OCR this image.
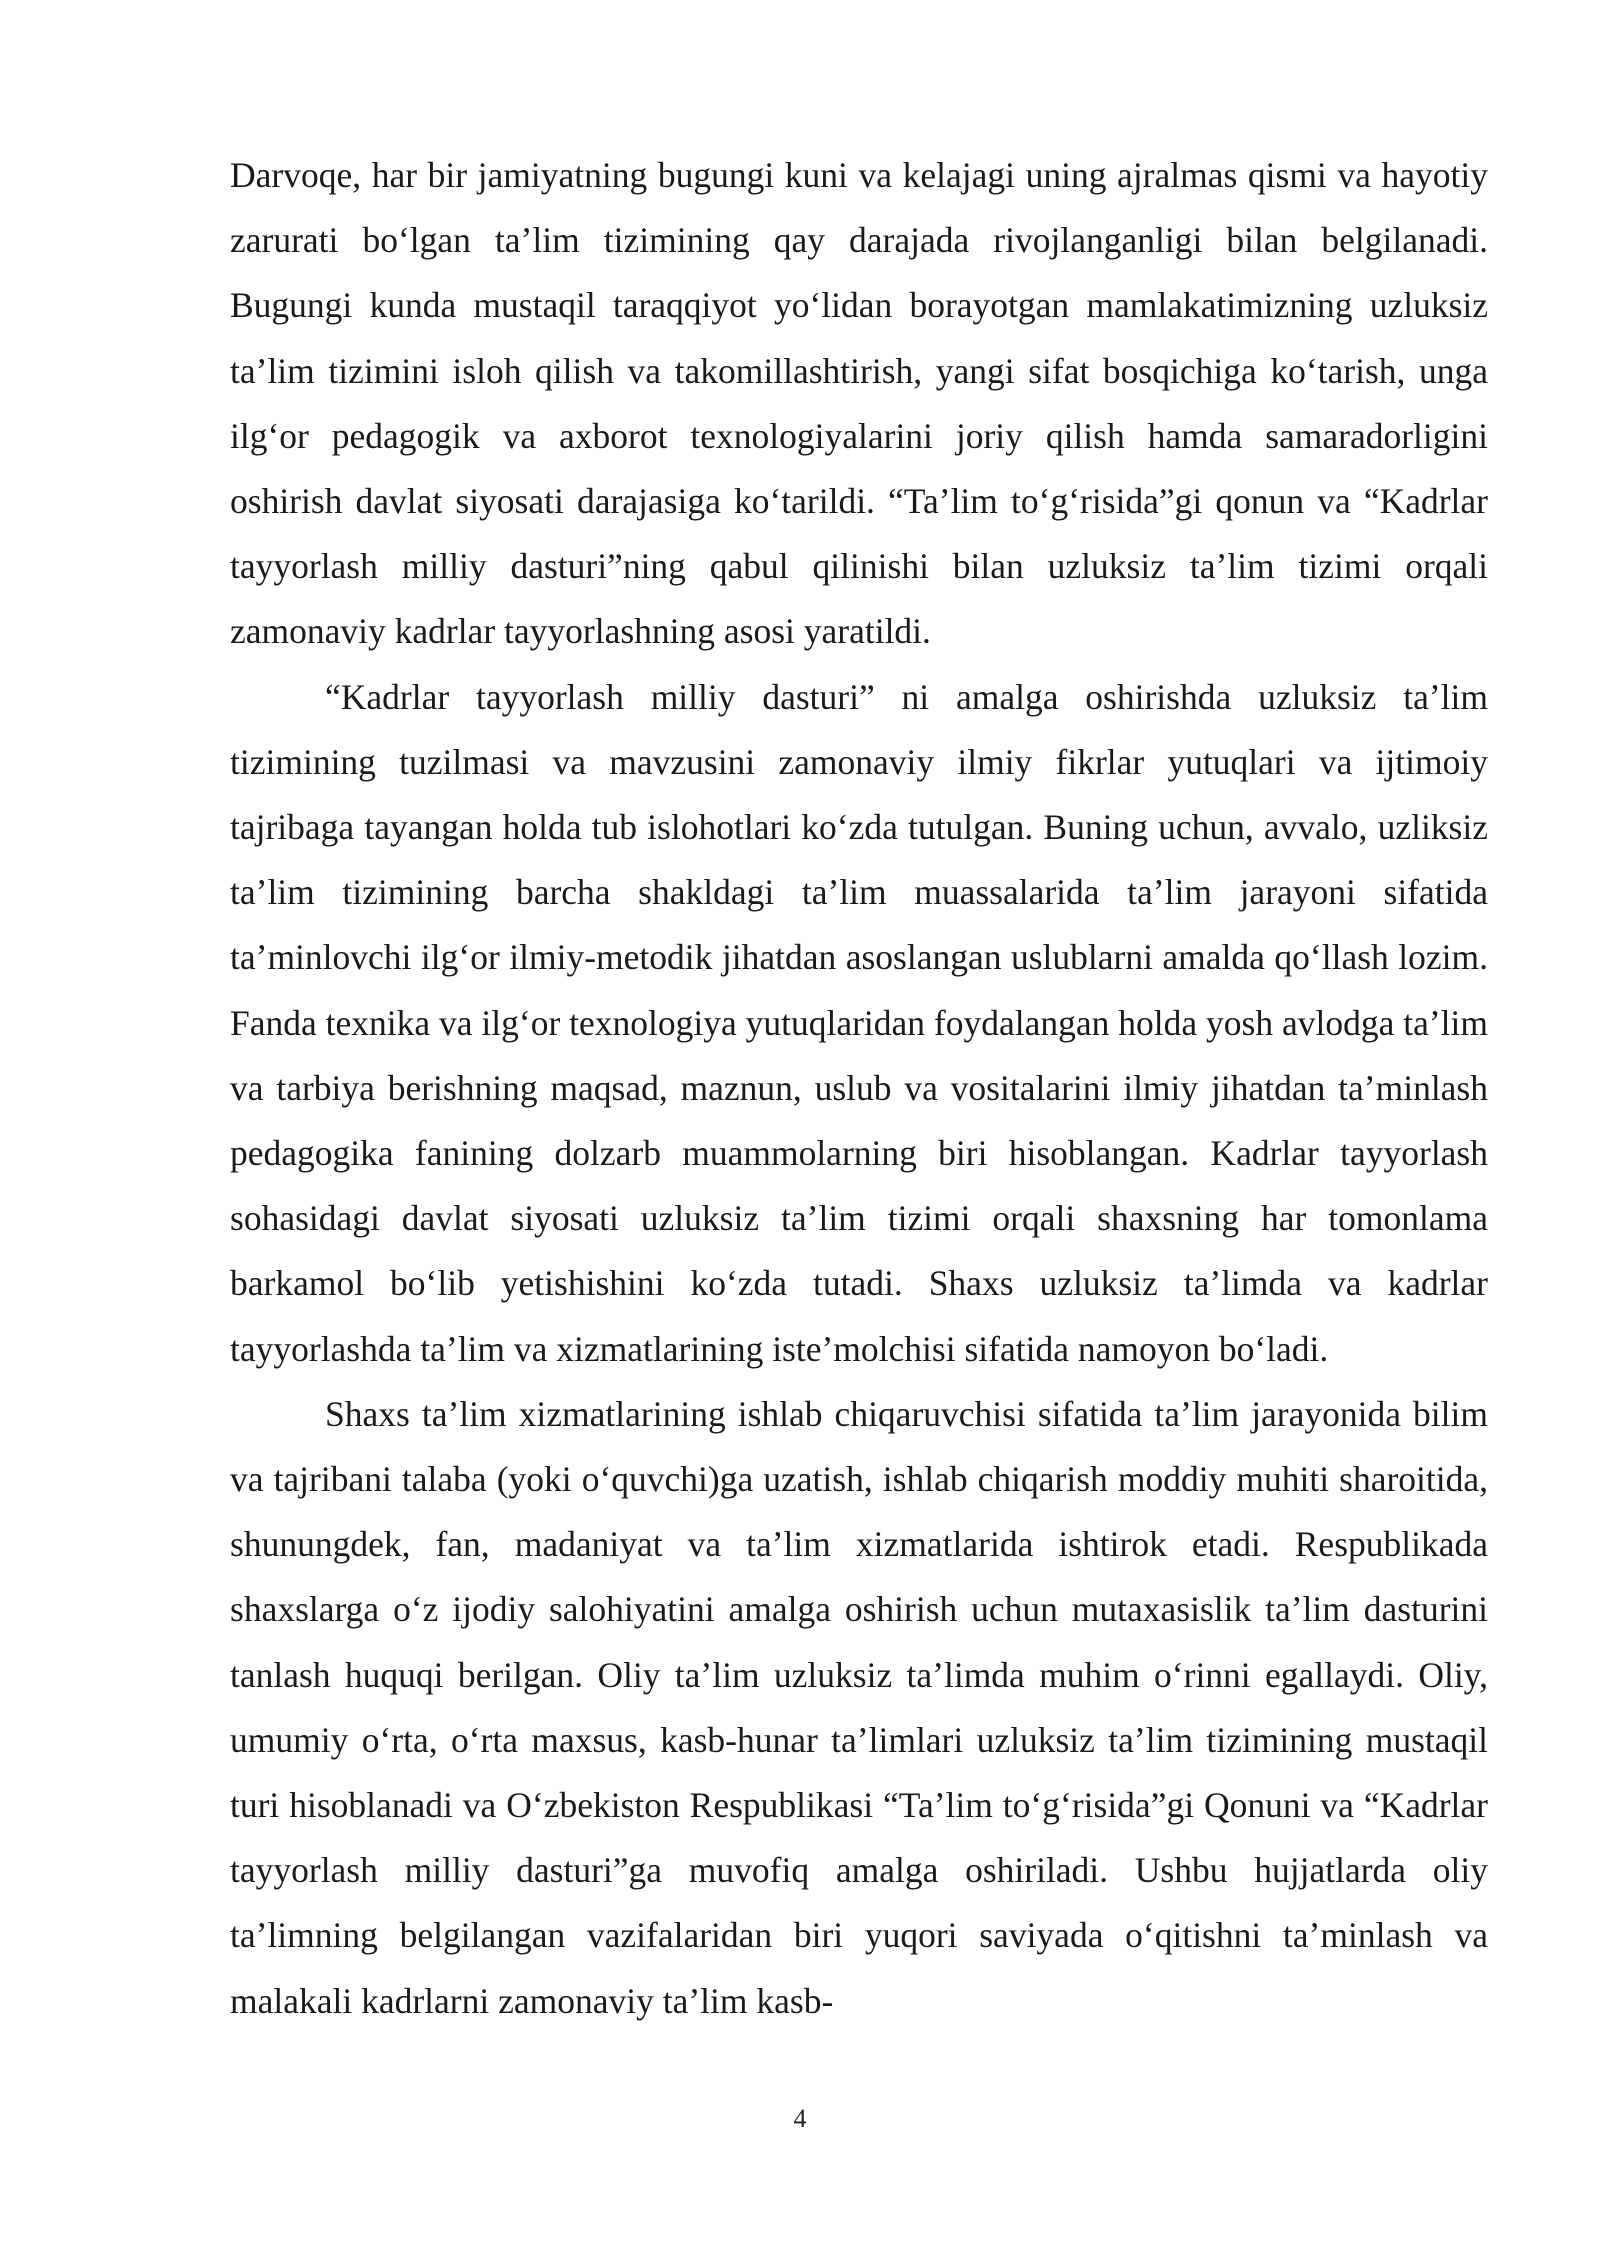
Darvoqe, har bir jamiyatning bugungi kuni va kelajagi uning ajralmas qismi va hayotiy zarurati boʻlgan taʼlim tizimining qay darajada rivojlanganligi bilan belgilanadi. Bugungi kunda mustaqil taraqqiyot yoʻlidan borayotgan mamlakatimizning uzluksiz taʼlim tizimini isloh qilish va takomillashtirish, yangi sifat bosqichiga koʻtarish, unga ilgʻor pedagogik va axborot texnologiyalarini joriy qilish hamda samaradorligini oshirish davlat siyosati darajasiga koʻtarildi. “Taʼlim toʻgʻrisida”gi qonun va “Kadrlar tayyorlash milliy dasturi”ning qabul qilinishi bilan uzluksiz taʼlim tizimi orqali zamonaviy kadrlar tayyorlashning asosi yaratildi.

“Kadrlar tayyorlash milliy dasturi” ni amalga oshirishda uzluksiz taʼlim tizimining tuzilmasi va mavzusini zamonaviy ilmiy fikrlar yutuqlari va ijtimoiy tajribaga tayangan holda tub islohotlari koʻzda tutulgan. Buning uchun, avvalo, uzliksiz taʼlim tizimining barcha shakldagi taʼlim muassalarida taʼlim jarayoni sifatida taʼminlovchi ilgʻor ilmiy-metodik jihatdan asoslangan uslublarni amalda qoʻllash lozim. Fanda texnika va ilgʻor texnologiya yutuqlaridan foydalangan holda yosh avlodga taʼlim va tarbiya berishning maqsad, maznun, uslub va vositalarini ilmiy jihatdan taʼminlash pedagogika fanining dolzarb muammolarning biri hisoblangan. Kadrlar tayyorlash sohasidagi davlat siyosati uzluksiz taʼlim tizimi orqali shaxsning har tomonlama barkamol boʻlib yetishishini koʻzda tutadi. Shaxs uzluksiz taʼlimda va kadrlar tayyorlashda taʼlim va xizmatlarining isteʼmolchisi sifatida namoyon boʻladi.

Shaxs taʼlim xizmatlarining ishlab chiqaruvchisi sifatida taʼlim jarayonida bilim va tajribani talaba (yoki oʻquvchi)ga uzatish, ishlab chiqarish moddiy muhiti sharoitida, shunungdek, fan, madaniyat va taʼlim xizmatlarida ishtirok etadi. Respublikada shaxslarga oʻz ijodiy salohiyatini amalga oshirish uchun mutaxasislik taʼlim dasturini tanlash huquqi berilgan. Oliy taʼlim uzluksiz taʼlimda muhim oʻrinni egallaydi. Oliy, umumiy oʻrta, oʻrta maxsus, kasb-hunar taʼlimlari uzluksiz taʼlim tizimining mustaqil turi hisoblanadi va Oʻzbekiston Respublikasi “Taʼlim toʻgʻrisida”gi Qonuni va “Kadrlar tayyorlash milliy dasturi”ga muvofiq amalga oshiriladi. Ushbu hujjatlarda oliy taʼlimning belgilangan vazifalaridan biri yuqori saviyada oʻqitishni taʼminlash va malakali kadrlarni zamonaviy taʼlim kasb-

4
